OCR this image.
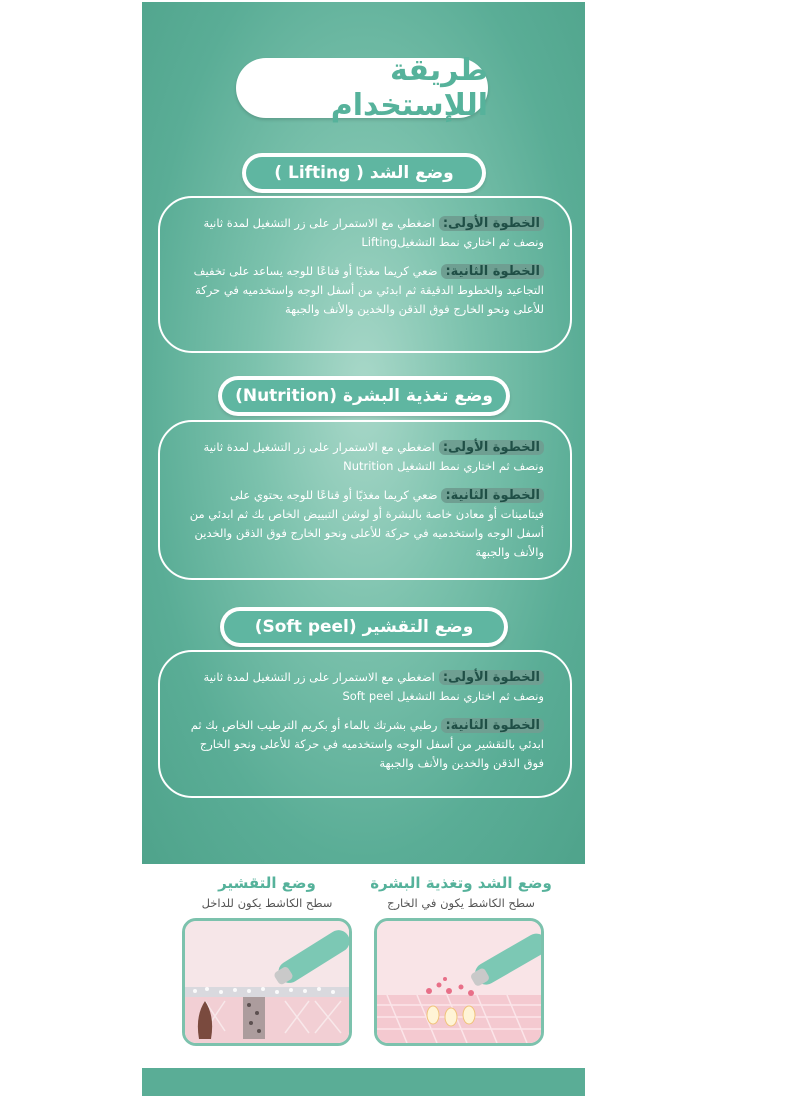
طريقة اللإستخدام
وضع الشد ( Lifting )
الخطوة الأولى:اضغطي مع الاستمرار على زر التشغيل لمدة ثانية ونصف ثم اختاري نمط التشغيلLifting
الخطوة الثانية:ضعي كريما مغذيًا أو قناعًا للوجه يساعد على تخفيف التجاعيد والخطوط الدقيقة ثم ابدئي من أسفل الوجه واستخدميه في حركة للأعلى ونحو الخارج فوق الذقن والخدين والأنف والجبهة
وضع تغذية البشرة (Nutrition)
الخطوة الأولى:اضغطي مع الاستمرار على زر التشغيل لمدة ثانية ونصف ثم اختاري نمط التشغيل Nutrition
الخطوة الثانية:ضعي كريما مغذيًا أو قناعًا للوجه يحتوي على فيتامينات أو معادن خاصة بالبشرة أو لوشن التبييض الخاص بك ثم ابدئي من أسفل الوجه واستخدميه في حركة للأعلى ونحو الخارج فوق الذقن والخدين والأنف والجبهة
وضع التقشير (Soft peel)
الخطوة الأولى:اضغطي مع الاستمرار على زر التشغيل لمدة ثانية ونصف ثم اختاري نمط التشغيل Soft peel
الخطوة الثانية:رطبي بشرتك بالماء أو بكريم الترطيب الخاص بك ثم ابدئي بالتقشير من أسفل الوجه واستخدميه في حركة للأعلى ونحو الخارج فوق الذقن والخدين والأنف والجبهة
وضع التقشير
سطح الكاشط يكون للداخل
وضع الشد وتغذية البشرة
سطح الكاشط يكون في الخارج
